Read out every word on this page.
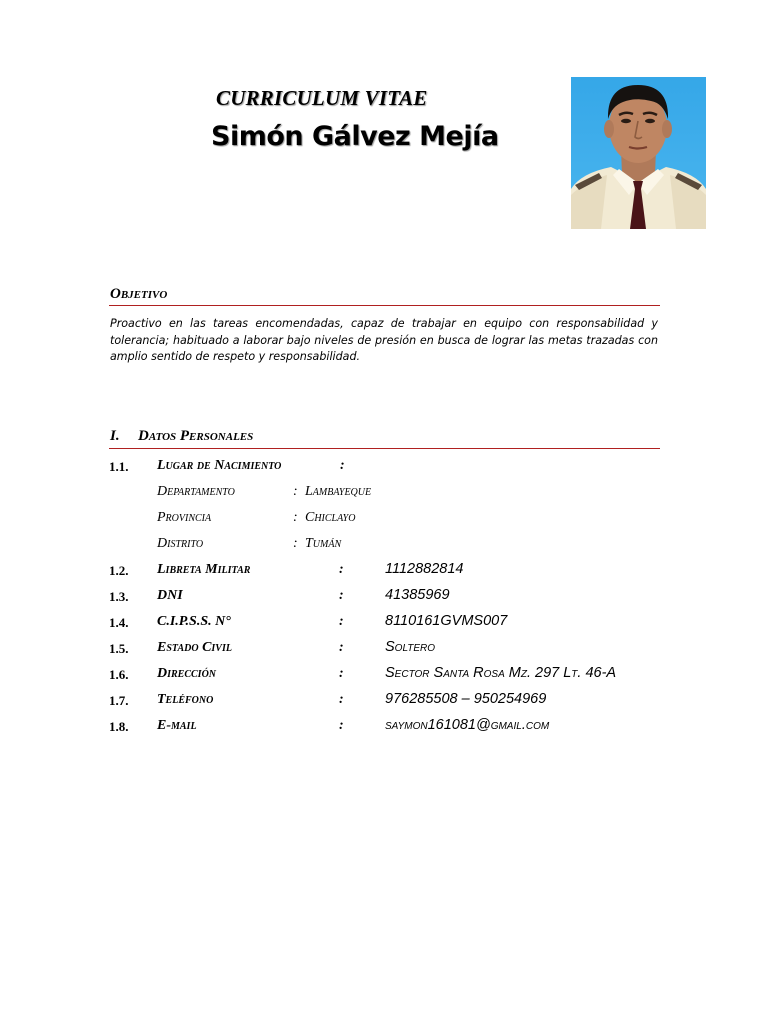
CURRICULUM VITAE
Simón Gálvez Mejía
Objetivo
Proactivo en las tareas encomendadas, capaz de trabajar en equipo con responsabilidad y tolerancia; habituado a laborar bajo niveles de presión en busca de lograr las metas trazadas con amplio sentido de respeto y responsabilidad.
I. Datos Personales
1.1. Lugar de Nacimiento	:
Departamento	: Lambayeque
Provincia	: Chiclayo
Distrito	: Tumán
1.2. Libreta Militar	:	1112882814
1.3. DNI	:	41385969
1.4. C.I.P.S.S. N°	:	8110161GVMS007
1.5. Estado Civil	:	Soltero
1.6. Dirección	:	Sector Santa Rosa Mz. 297 Lt. 46-A
1.7. Teléfono	:	976285508 – 950254969
1.8. E-mail	:	saymon161081@gmail.com
